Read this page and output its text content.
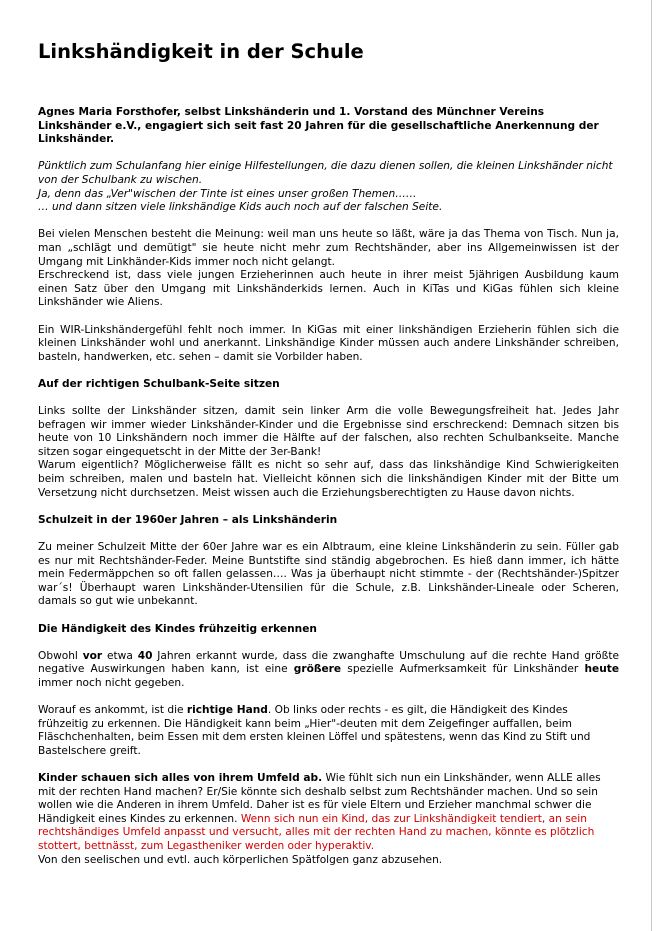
Linkshändigkeit in der Schule

Agnes Maria Forsthofer, selbst Linkshänderin und 1. Vorstand des Münchner Vereins Linkshänder e.V., engagiert sich seit fast 20 Jahren für die gesellschaftliche Anerkennung der Linkshänder.

Pünktlich zum Schulanfang hier einige Hilfestellungen, die dazu dienen sollen, die kleinen Linkshänder nicht von der Schulbank zu wischen.
Ja, denn das „Ver"wischen der Tinte ist eines unser großen Themen……
… und dann sitzen viele linkshändige Kids auch noch auf der falschen Seite.

Bei vielen Menschen besteht die Meinung: weil man uns heute so läßt, wäre ja das Thema von Tisch. Nun ja, man „schlägt und demütigt" sie heute nicht mehr zum Rechtshänder, aber ins Allgemeinwissen ist der Umgang mit Linkhänder-Kids immer noch nicht gelangt.
Erschreckend ist, dass viele jungen Erzieherinnen auch heute in ihrer meist 5jährigen Ausbildung kaum einen Satz über den Umgang mit Linkshänderkids lernen. Auch in KiTas und KiGas fühlen sich kleine Linkshänder wie Aliens.

Ein WIR-Linkshändergefühl fehlt noch immer. In KiGas mit einer linkshändigen Erzieherin fühlen sich die kleinen Linkshänder wohl und anerkannt. Linkshändige Kinder müssen auch andere Linkshänder schreiben, basteln, handwerken, etc. sehen – damit sie Vorbilder haben.

Auf der richtigen Schulbank-Seite sitzen

Links sollte der Linkshänder sitzen, damit sein linker Arm die volle Bewegungsfreiheit hat. Jedes Jahr befragen wir immer wieder Linkshänder-Kinder und die Ergebnisse sind erschreckend: Demnach sitzen bis heute von 10 Linkshändern noch immer die Hälfte auf der falschen, also rechten Schulbankseite. Manche sitzen sogar eingequetscht in der Mitte der 3er-Bank!
Warum eigentlich? Möglicherweise fällt es nicht so sehr auf, dass das linkshändige Kind Schwierigkeiten beim schreiben, malen und basteln hat. Vielleicht können sich die linkshändigen Kinder mit der Bitte um Versetzung nicht durchsetzen. Meist wissen auch die Erziehungsberechtigten zu Hause davon nichts.

Schulzeit in der 1960er Jahren – als Linkshänderin

Zu meiner Schulzeit Mitte der 60er Jahre war es ein Albtraum, eine kleine Linkshänderin zu sein. Füller gab es nur mit Rechtshänder-Feder. Meine Buntstifte sind ständig abgebrochen. Es hieß dann immer, ich hätte mein Federmäppchen so oft fallen gelassen…. Was ja überhaupt nicht stimmte - der (Rechtshänder-)Spitzer war´s! Überhaupt waren Linkshänder-Utensilien für die Schule, z.B. Linkshänder-Lineale oder Scheren, damals so gut wie unbekannt.

Die Händigkeit des Kindes frühzeitig erkennen

Obwohl vor etwa 40 Jahren erkannt wurde, dass die zwanghafte Umschulung auf die rechte Hand größte negative Auswirkungen haben kann, ist eine größere spezielle Aufmerksamkeit für Linkshänder heute immer noch nicht gegeben.

Worauf es ankommt, ist die richtige Hand. Ob links oder rechts - es gilt, die Händigkeit des Kindes frühzeitig zu erkennen. Die Händigkeit kann beim „Hier"-deuten mit dem Zeigefinger auffallen, beim Fläschchenhalten, beim Essen mit dem ersten kleinen Löffel und spätestens, wenn das Kind zu Stift und Bastelschere greift.

Kinder schauen sich alles von ihrem Umfeld ab. Wie fühlt sich nun ein Linkshänder, wenn ALLE alles mit der rechten Hand machen? Er/Sie könnte sich deshalb selbst zum Rechtshänder machen. Und so sein wollen wie die Anderen in ihrem Umfeld. Daher ist es für viele Eltern und Erzieher manchmal schwer die Händigkeit eines Kindes zu erkennen. Wenn sich nun ein Kind, das zur Linkshändigkeit tendiert, an sein rechtshändiges Umfeld anpasst und versucht, alles mit der rechten Hand zu machen, könnte es plötzlich stottert, bettnässt, zum Legastheniker werden oder hyperaktiv.
Von den seelischen und evtl. auch körperlichen Spätfolgen ganz abzusehen.
